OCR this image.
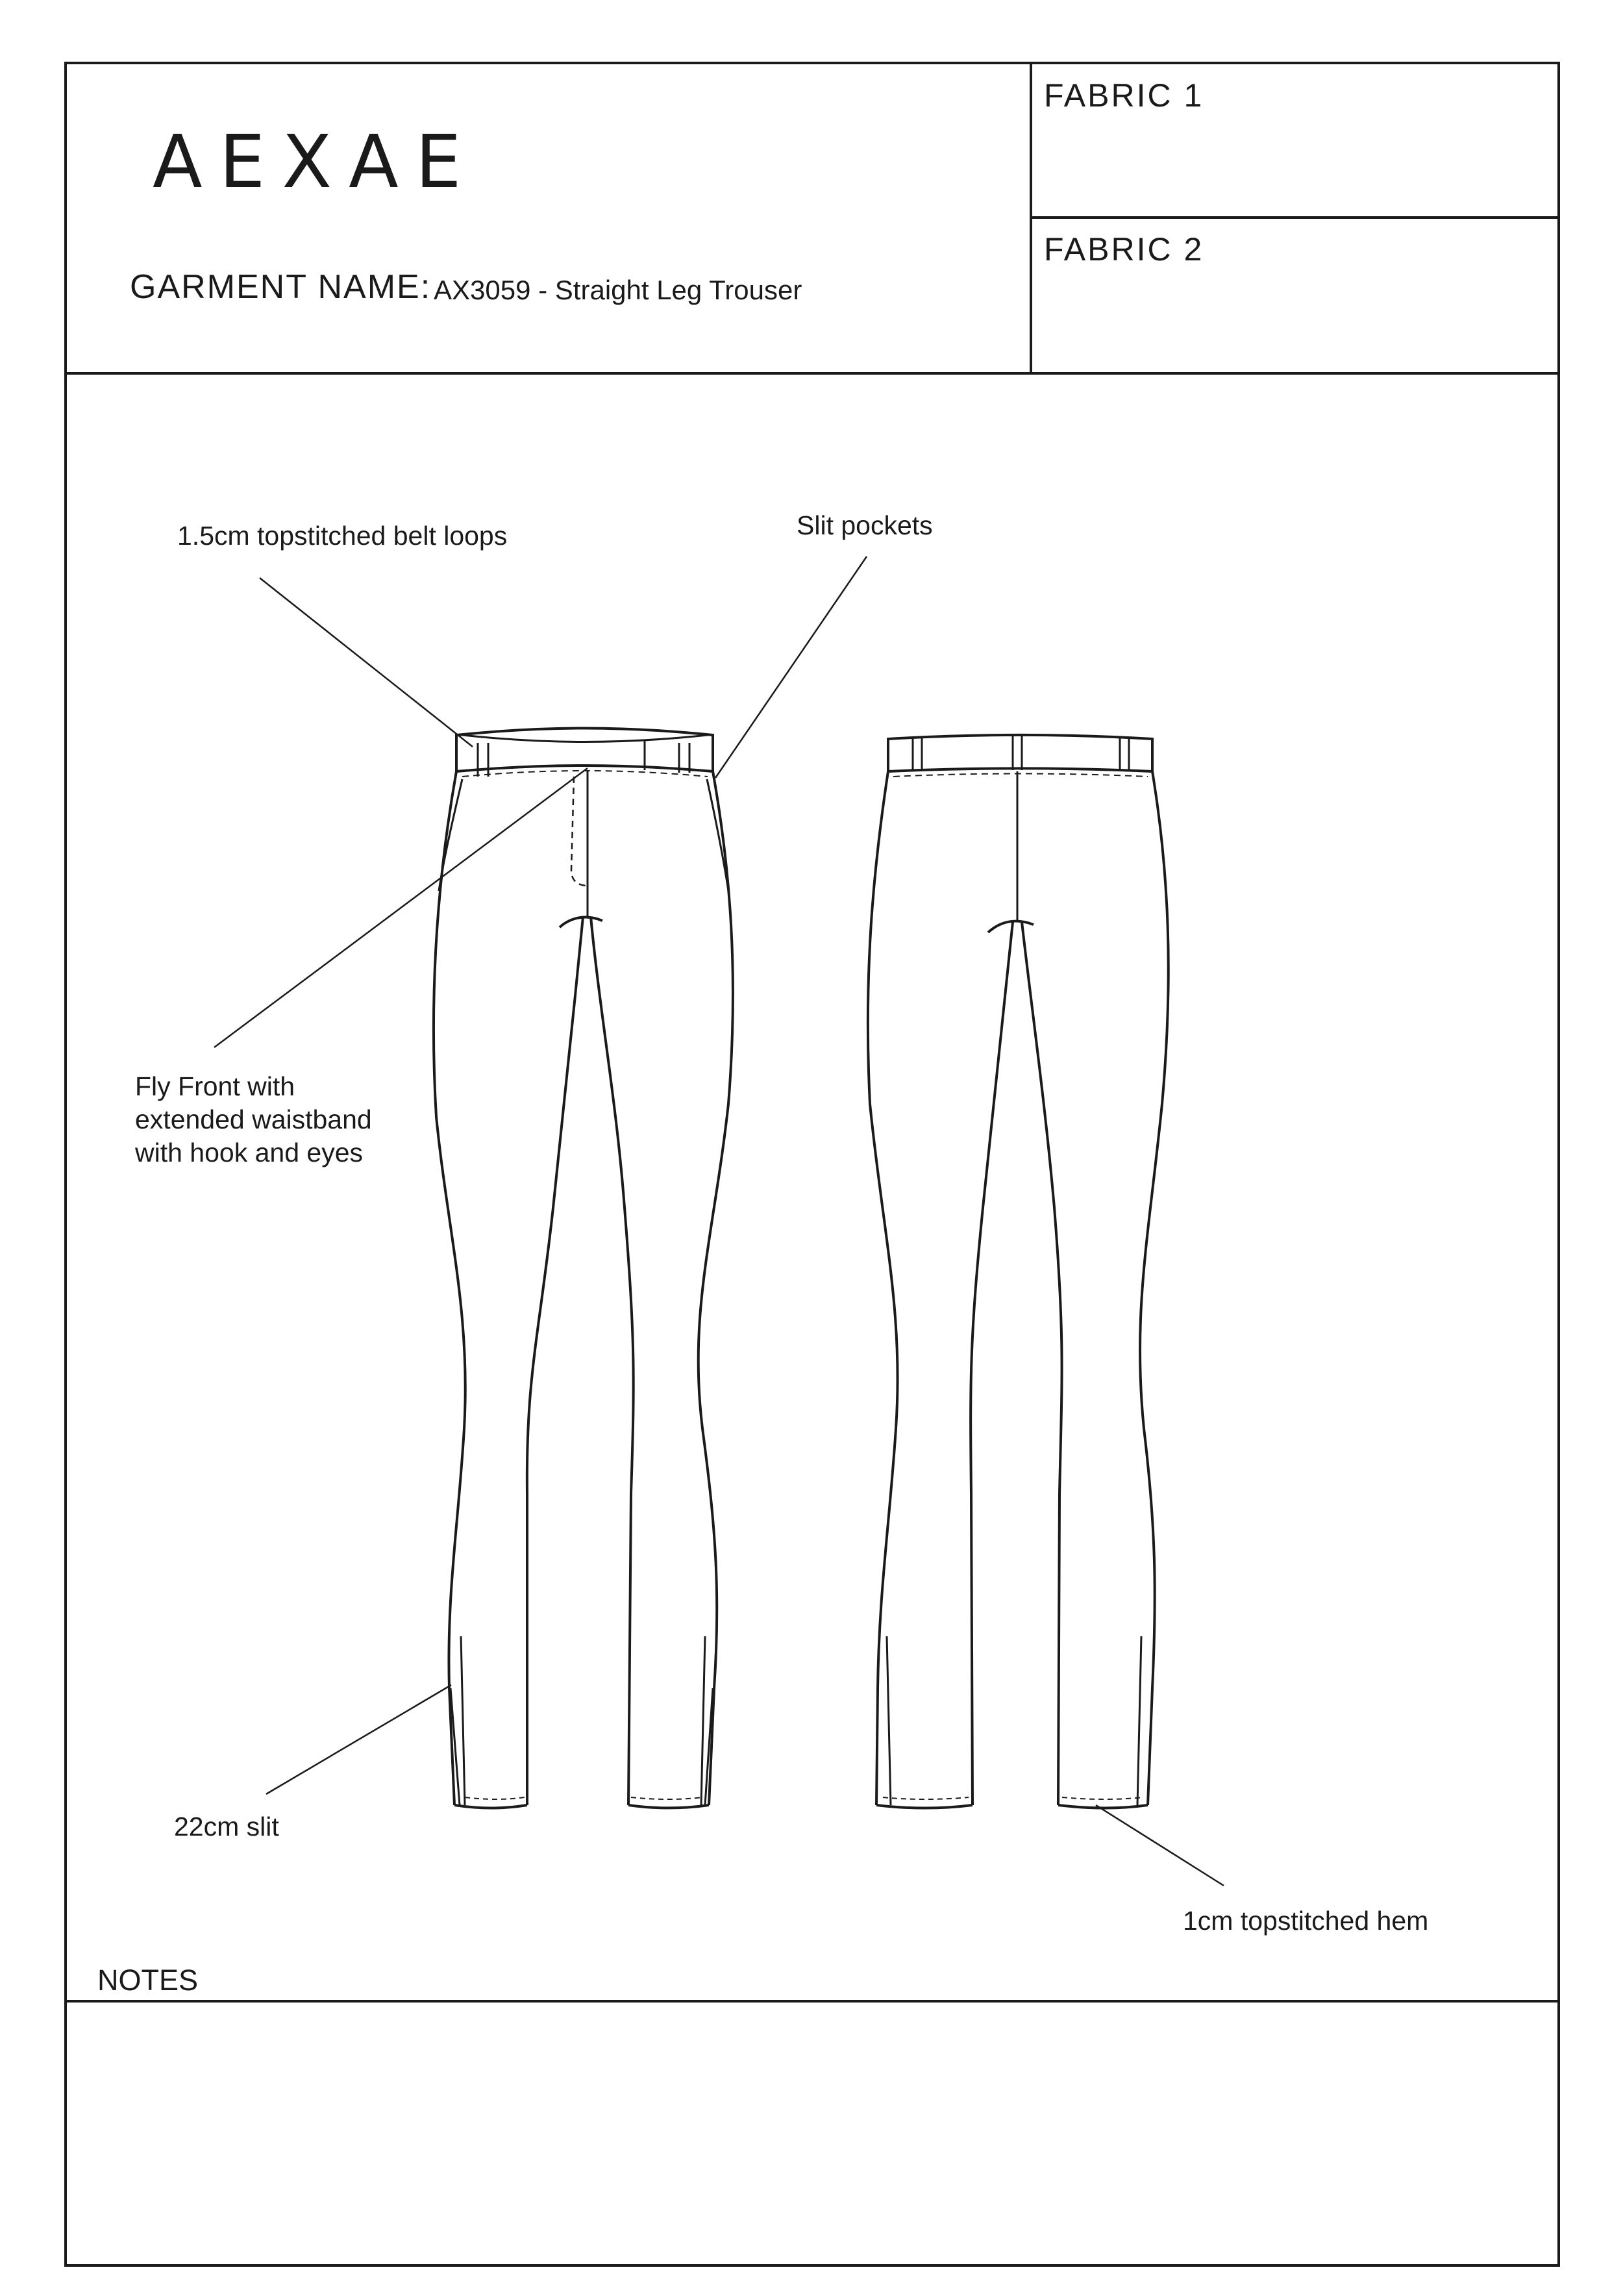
AEXAE
GARMENT NAME: AX3059 - Straight Leg Trouser
FABRIC 1
FABRIC 2
1.5cm topstitched belt loops	Slit pockets
Fly Front with
extended waistband
with hook and eyes
22cm slit
1cm topstitched hem
NOTES
